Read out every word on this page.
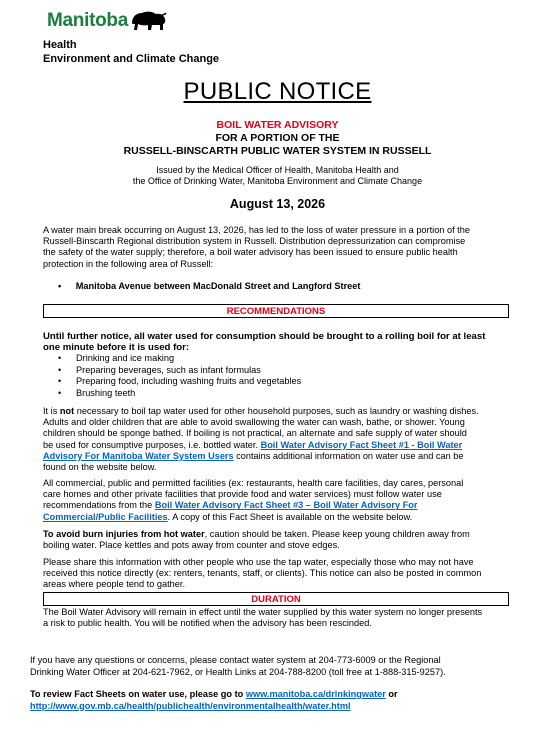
Manitoba
Health
Environment and Climate Change
PUBLIC NOTICE
BOIL WATER ADVISORY
FOR A PORTION OF THE
RUSSELL-BINSCARTH PUBLIC WATER SYSTEM IN RUSSELL
Issued by the Medical Officer of Health, Manitoba Health and
the Office of Drinking Water, Manitoba Environment and Climate Change
August 13, 2026
A water main break occurring on August 13, 2026, has led to the loss of water pressure in a portion of the
Russell-Binscarth Regional distribution system in Russell. Distribution depressurization can compromise
the safety of the water supply; therefore, a boil water advisory has been issued to ensure public health
protection in the following area of Russell:
• Manitoba Avenue between MacDonald Street and Langford Street
RECOMMENDATIONS
Until further notice, all water used for consumption should be brought to a rolling boil for at least
one minute before it is used for:
• Drinking and ice making
• Preparing beverages, such as infant formulas
• Preparing food, including washing fruits and vegetables
• Brushing teeth
It is not necessary to boil tap water used for other household purposes, such as laundry or washing dishes.
Adults and older children that are able to avoid swallowing the water can wash, bathe, or shower. Young
children should be sponge bathed. If boiling is not practical, an alternate and safe supply of water should
be used for consumptive purposes, i.e. bottled water. Boil Water Advisory Fact Sheet #1 - Boil Water
Advisory For Manitoba Water System Users contains additional information on water use and can be
found on the website below.
All commercial, public and permitted facilities (ex: restaurants, health care facilities, day cares, personal
care homes and other private facilities that provide food and water services) must follow water use
recommendations from the Boil Water Advisory Fact Sheet #3 – Boil Water Advisory For
Commercial/Public Facilities. A copy of this Fact Sheet is available on the website below.
To avoid burn injuries from hot water, caution should be taken. Please keep young children away from
boiling water. Place kettles and pots away from counter and stove edges.
Please share this information with other people who use the tap water, especially those who may not have
received this notice directly (ex: renters, tenants, staff, or clients). This notice can also be posted in common
areas where people tend to gather.
DURATION
The Boil Water Advisory will remain in effect until the water supplied by this water system no longer presents
a risk to public health. You will be notified when the advisory has been rescinded.
If you have any questions or concerns, please contact water system at 204-773-6009 or the Regional
Drinking Water Officer at 204-621-7962, or Health Links at 204-788-8200 (toll free at 1-888-315-9257).
To review Fact Sheets on water use, please go to www.manitoba.ca/drinkingwater or
http://www.gov.mb.ca/health/publichealth/environmentalhealth/water.html
